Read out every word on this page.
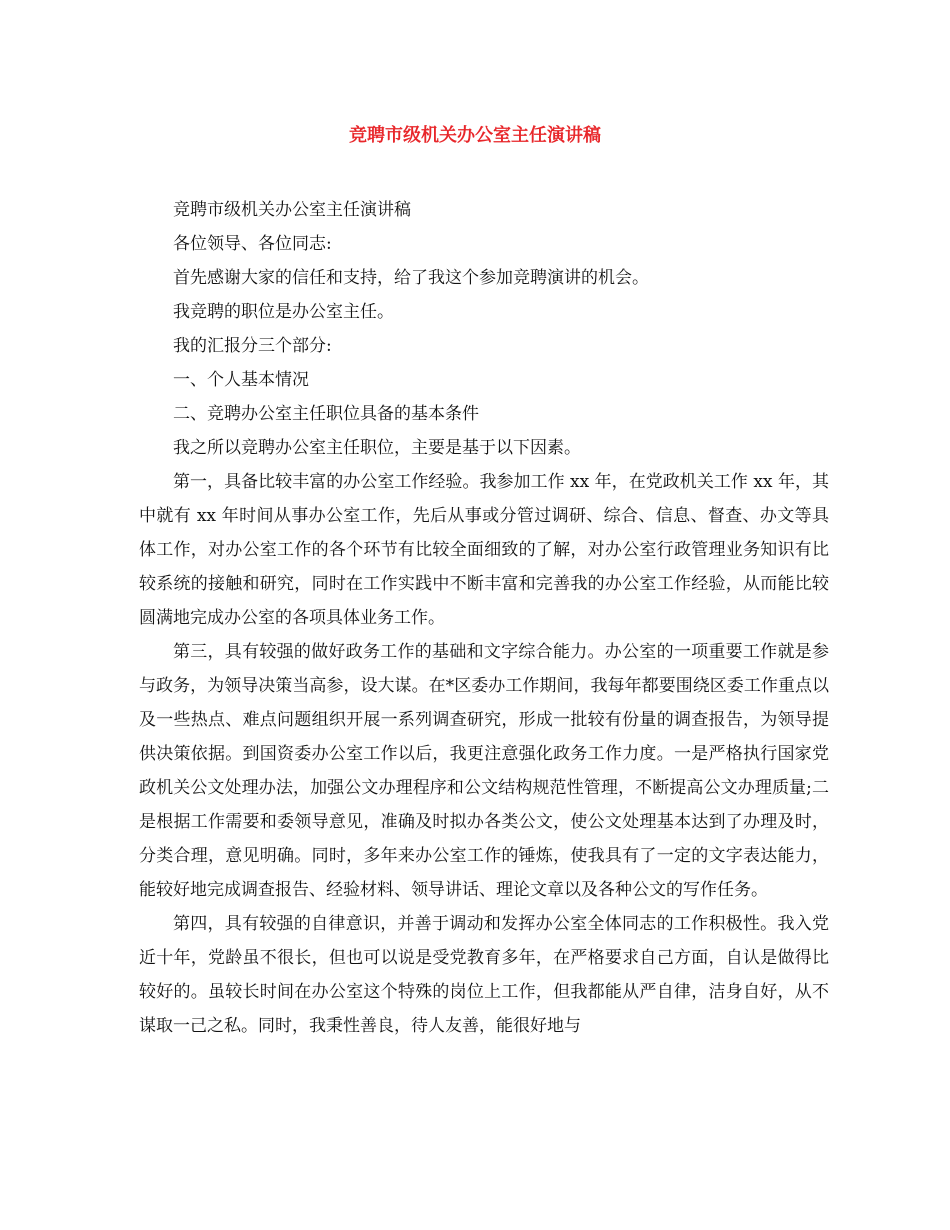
竞聘市级机关办公室主任演讲稿

竞聘市级机关办公室主任演讲稿

各位领导、各位同志:

首先感谢大家的信任和支持，给了我这个参加竞聘演讲的机会。

我竞聘的职位是办公室主任。

我的汇报分三个部分:

一、个人基本情况

二、竞聘办公室主任职位具备的基本条件

我之所以竞聘办公室主任职位，主要是基于以下因素。

第一，具备比较丰富的办公室工作经验。我参加工作 xx 年，在党政机关工作 xx 年，其中就有 xx 年时间从事办公室工作，先后从事或分管过调研、综合、信息、督查、办文等具体工作，对办公室工作的各个环节有比较全面细致的了解，对办公室行政管理业务知识有比较系统的接触和研究，同时在工作实践中不断丰富和完善我的办公室工作经验，从而能比较圆满地完成办公室的各项具体业务工作。

第三，具有较强的做好政务工作的基础和文字综合能力。办公室的一项重要工作就是参与政务，为领导决策当高参，设大谋。在*区委办工作期间，我每年都要围绕区委工作重点以及一些热点、难点问题组织开展一系列调查研究，形成一批较有份量的调查报告，为领导提供决策依据。到国资委办公室工作以后，我更注意强化政务工作力度。一是严格执行国家党政机关公文处理办法，加强公文办理程序和公文结构规范性管理，不断提高公文办理质量;二是根据工作需要和委领导意见，准确及时拟办各类公文，使公文处理基本达到了办理及时，分类合理，意见明确。同时，多年来办公室工作的锤炼，使我具有了一定的文字表达能力，能较好地完成调查报告、经验材料、领导讲话、理论文章以及各种公文的写作任务。

第四，具有较强的自律意识，并善于调动和发挥办公室全体同志的工作积极性。我入党近十年，党龄虽不很长，但也可以说是受党教育多年，在严格要求自己方面，自认是做得比较好的。虽较长时间在办公室这个特殊的岗位上工作，但我都能从严自律，洁身自好，从不谋取一己之私。同时，我秉性善良，待人友善，能很好地与
